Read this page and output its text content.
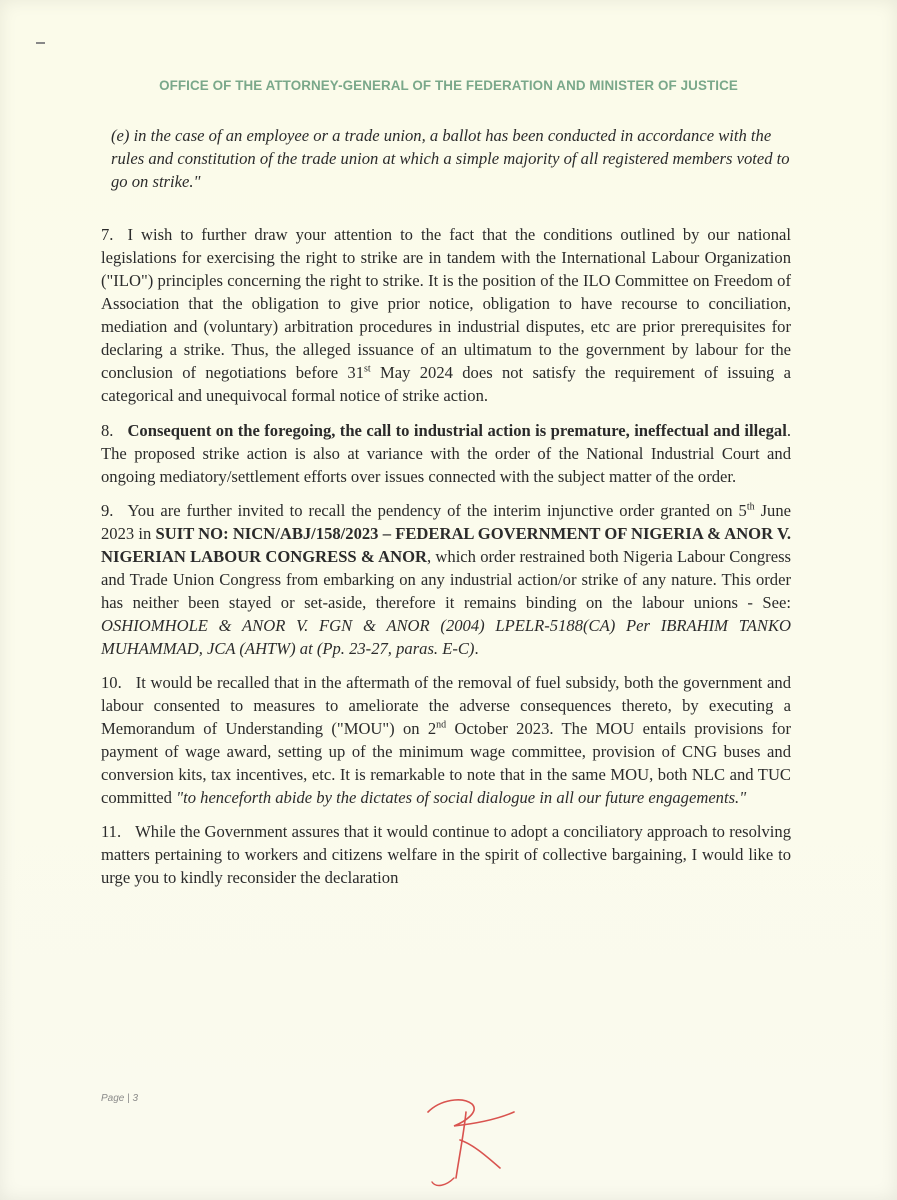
OFFICE OF THE ATTORNEY-GENERAL OF THE FEDERATION AND MINISTER OF JUSTICE

(e) in the case of an employee or a trade union, a ballot has been conducted in accordance with the rules and constitution of the trade union at which a simple majority of all registered members voted to go on strike."

7. I wish to further draw your attention to the fact that the conditions outlined by our national legislations for exercising the right to strike are in tandem with the International Labour Organization ("ILO") principles concerning the right to strike. It is the position of the ILO Committee on Freedom of Association that the obligation to give prior notice, obligation to have recourse to conciliation, mediation and (voluntary) arbitration procedures in industrial disputes, etc are prior prerequisites for declaring a strike. Thus, the alleged issuance of an ultimatum to the government by labour for the conclusion of negotiations before 31st May 2024 does not satisfy the requirement of issuing a categorical and unequivocal formal notice of strike action.

8. Consequent on the foregoing, the call to industrial action is premature, ineffectual and illegal. The proposed strike action is also at variance with the order of the National Industrial Court and ongoing mediatory/settlement efforts over issues connected with the subject matter of the order.

9. You are further invited to recall the pendency of the interim injunctive order granted on 5th June 2023 in SUIT NO: NICN/ABJ/158/2023 – FEDERAL GOVERNMENT OF NIGERIA & ANOR V. NIGERIAN LABOUR CONGRESS & ANOR, which order restrained both Nigeria Labour Congress and Trade Union Congress from embarking on any industrial action/or strike of any nature. This order has neither been stayed or set-aside, therefore it remains binding on the labour unions - See: OSHIOMHOLE & ANOR V. FGN & ANOR (2004) LPELR-5188(CA) Per IBRAHIM TANKO MUHAMMAD, JCA (AHTW) at (Pp. 23-27, paras. E-C).

10. It would be recalled that in the aftermath of the removal of fuel subsidy, both the government and labour consented to measures to ameliorate the adverse consequences thereto, by executing a Memorandum of Understanding ("MOU") on 2nd October 2023. The MOU entails provisions for payment of wage award, setting up of the minimum wage committee, provision of CNG buses and conversion kits, tax incentives, etc. It is remarkable to note that in the same MOU, both NLC and TUC committed "to henceforth abide by the dictates of social dialogue in all our future engagements."

11. While the Government assures that it would continue to adopt a conciliatory approach to resolving matters pertaining to workers and citizens welfare in the spirit of collective bargaining, I would like to urge you to kindly reconsider the declaration

Page | 3
